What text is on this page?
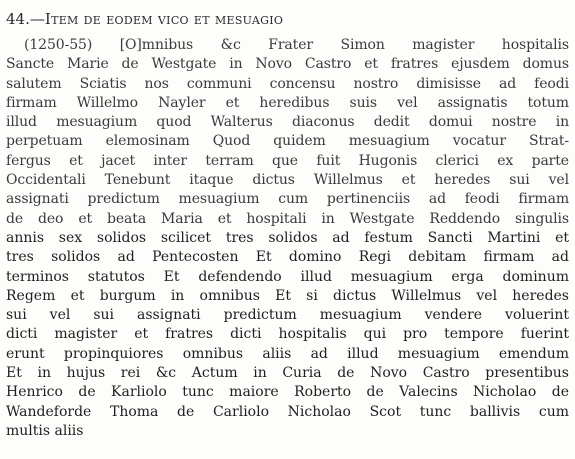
44.—Item de eodem vico et mesuagio
(1250-55) [O]mnibus &c Frater Simon magister hospitalis
Sancte Marie de Westgate in Novo Castro et fratres ejusdem domus
salutem Sciatis nos communi concensu nostro dimisisse ad feodi
firmam Willelmo Nayler et heredibus suis vel assignatis totum
illud mesuagium quod Walterus diaconus dedit domui nostre in
perpetuam elemosinam Quod quidem mesuagium vocatur Strat-
fergus et jacet inter terram que fuit Hugonis clerici ex parte
Occidentali Tenebunt itaque dictus Willelmus et heredes sui vel
assignati predictum mesuagium cum pertinenciis ad feodi firmam
de deo et beata Maria et hospitali in Westgate Reddendo singulis
annis sex solidos scilicet tres solidos ad festum Sancti Martini et
tres solidos ad Pentecosten Et domino Regi debitam firmam ad
terminos statutos Et defendendo illud mesuagium erga dominum
Regem et burgum in omnibus Et si dictus Willelmus vel heredes
sui vel sui assignati predictum mesuagium vendere voluerint
dicti magister et fratres dicti hospitalis qui pro tempore fuerint
erunt propinquiores omnibus aliis ad illud mesuagium emendum
Et in hujus rei &c Actum in Curia de Novo Castro presentibus
Henrico de Karliolo tunc maiore Roberto de Valecins Nicholao de
Wandeforde Thoma de Carliolo Nicholao Scot tunc ballivis cum
multis aliis
